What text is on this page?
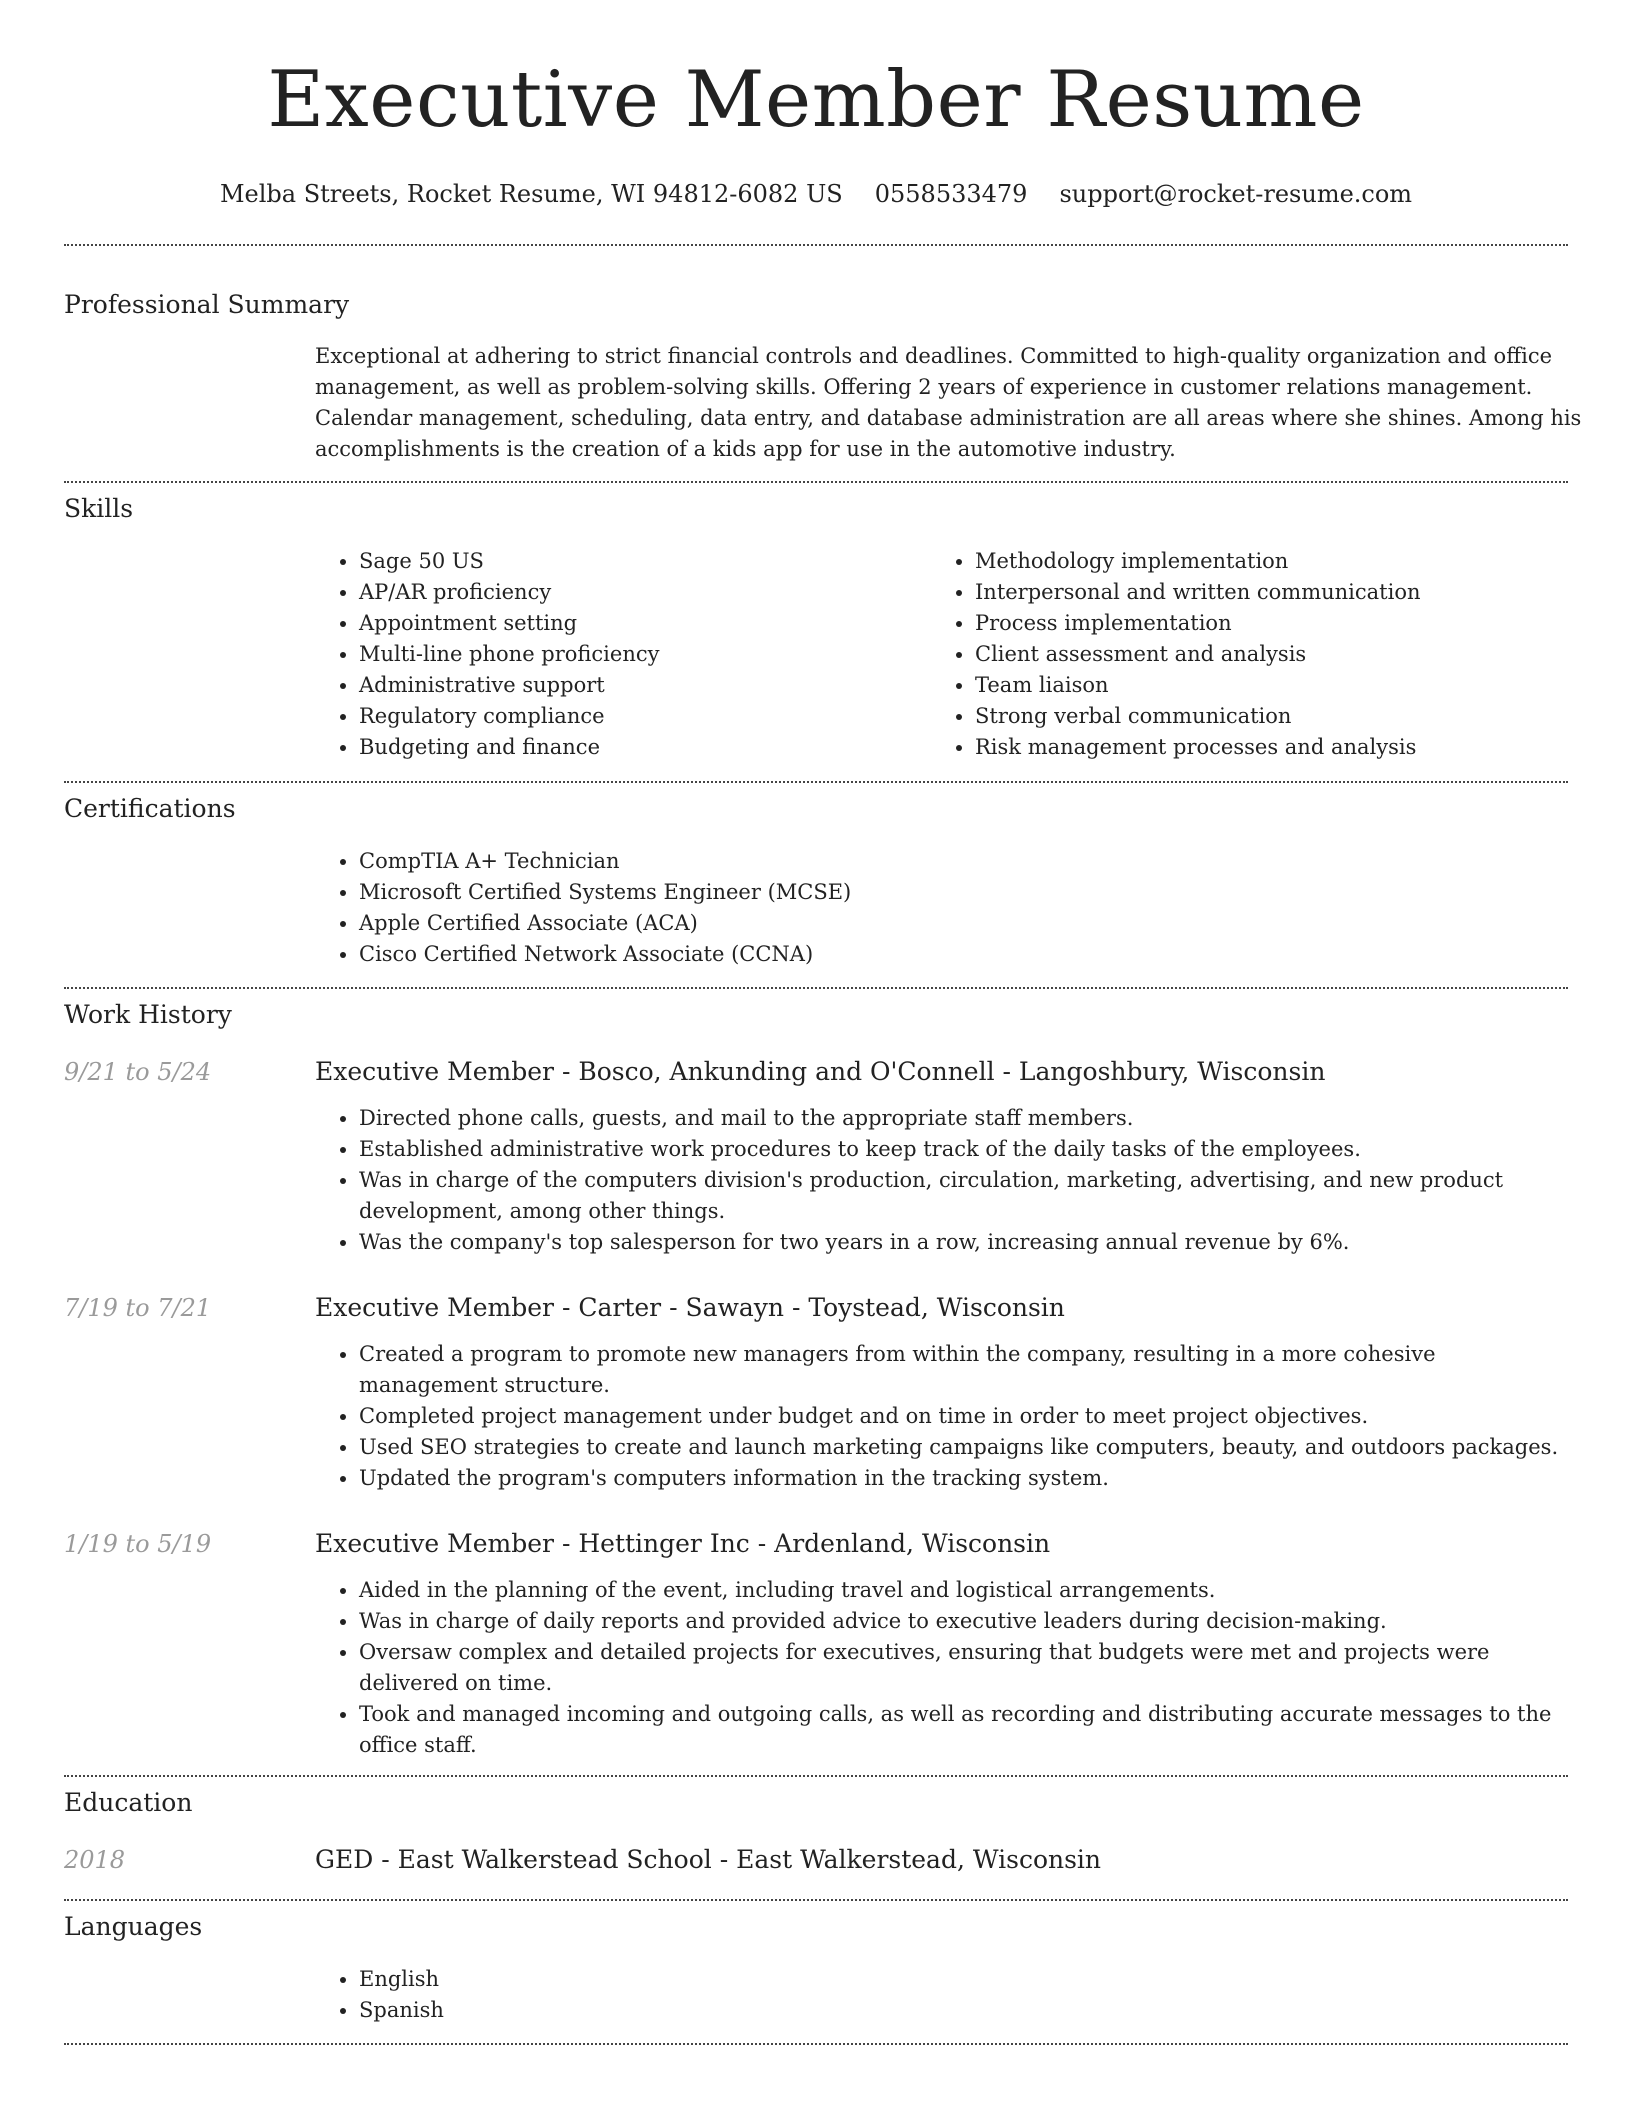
Executive Member Resume
Melba Streets, Rocket Resume, WI 94812-6082 US 0558533479 support@rocket-resume.com
Professional Summary

Exceptional at adhering to strict financial controls and deadlines. Committed to high-quality organization and office management, as well as problem-solving skills. Offering 2 years of experience in customer relations management. Calendar management, scheduling, data entry, and database administration are all areas where she shines. Among his accomplishments is the creation of a kids app for use in the automotive industry.

Skills
• Sage 50 US
• AP/AR proficiency
• Appointment setting
• Multi-line phone proficiency
• Administrative support
• Regulatory compliance
• Budgeting and finance
• Methodology implementation
• Interpersonal and written communication
• Process implementation
• Client assessment and analysis
• Team liaison
• Strong verbal communication
• Risk management processes and analysis
Certifications
• CompTIA A+ Technician
• Microsoft Certified Systems Engineer (MCSE)
• Apple Certified Associate (ACA)
• Cisco Certified Network Associate (CCNA)
Work History
9/21 to 5/24	Executive Member - Bosco, Ankunding and O'Connell - Langoshbury, Wisconsin
• Directed phone calls, guests, and mail to the appropriate staff members.
• Established administrative work procedures to keep track of the daily tasks of the employees.
• Was in charge of the computers division's production, circulation, marketing, advertising, and new product development, among other things.
• Was the company's top salesperson for two years in a row, increasing annual revenue by 6%.
7/19 to 7/21	Executive Member - Carter - Sawayn - Toystead, Wisconsin
• Created a program to promote new managers from within the company, resulting in a more cohesive management structure.
• Completed project management under budget and on time in order to meet project objectives.
• Used SEO strategies to create and launch marketing campaigns like computers, beauty, and outdoors packages.
• Updated the program's computers information in the tracking system.
1/19 to 5/19	Executive Member - Hettinger Inc - Ardenland, Wisconsin
• Aided in the planning of the event, including travel and logistical arrangements.
• Was in charge of daily reports and provided advice to executive leaders during decision-making.
• Oversaw complex and detailed projects for executives, ensuring that budgets were met and projects were delivered on time.
• Took and managed incoming and outgoing calls, as well as recording and distributing accurate messages to the office staff.
Education
2018	GED - East Walkerstead School - East Walkerstead, Wisconsin
Languages
• English
• Spanish
